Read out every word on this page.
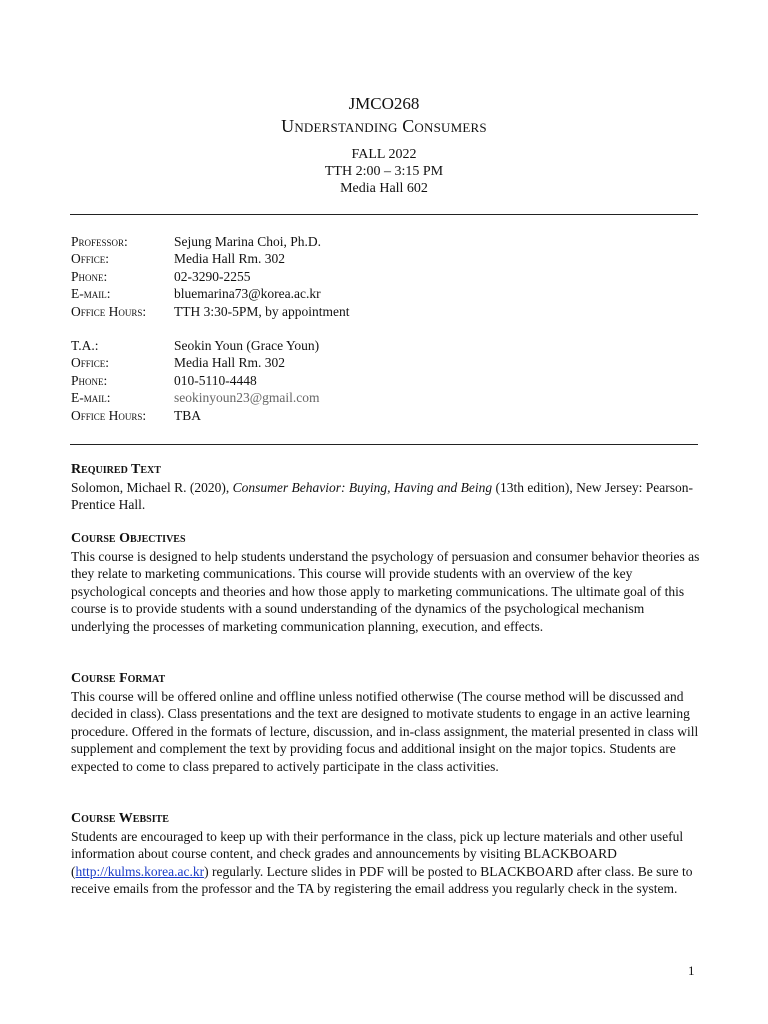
JMCO268
Understanding Consumers
FALL 2022
TTH 2:00 – 3:15 PM
Media Hall 602
Professor:	Sejung Marina Choi, Ph.D.
Office:	Media Hall Rm. 302
Phone:	02-3290-2255
E-mail:	bluemarina73@korea.ac.kr
Office Hours:	TTH 3:30-5PM, by appointment
T.A.:	Seokin Youn (Grace Youn)
Office:	Media Hall Rm. 302
Phone:	010-5110-4448
E-mail:	seokinyoun23@gmail.com
Office Hours:	TBA
Required Text

Solomon, Michael R. (2020), Consumer Behavior: Buying, Having and Being (13th edition), New Jersey: Pearson-Prentice Hall.

Course Objectives

This course is designed to help students understand the psychology of persuasion and consumer behavior theories as they relate to marketing communications. This course will provide students with an overview of the key psychological concepts and theories and how those apply to marketing communications. The ultimate goal of this course is to provide students with a sound understanding of the dynamics of the psychological mechanism underlying the processes of marketing communication planning, execution, and effects.

Course Format

This course will be offered online and offline unless notified otherwise (The course method will be discussed and decided in class). Class presentations and the text are designed to motivate students to engage in an active learning procedure. Offered in the formats of lecture, discussion, and in-class assignment, the material presented in class will supplement and complement the text by providing focus and additional insight on the major topics. Students are expected to come to class prepared to actively participate in the class activities.

Course Website

Students are encouraged to keep up with their performance in the class, pick up lecture materials and other useful information about course content, and check grades and announcements by visiting BLACKBOARD (http://kulms.korea.ac.kr) regularly. Lecture slides in PDF will be posted to BLACKBOARD after class. Be sure to receive emails from the professor and the TA by registering the email address you regularly check in the system.

1
